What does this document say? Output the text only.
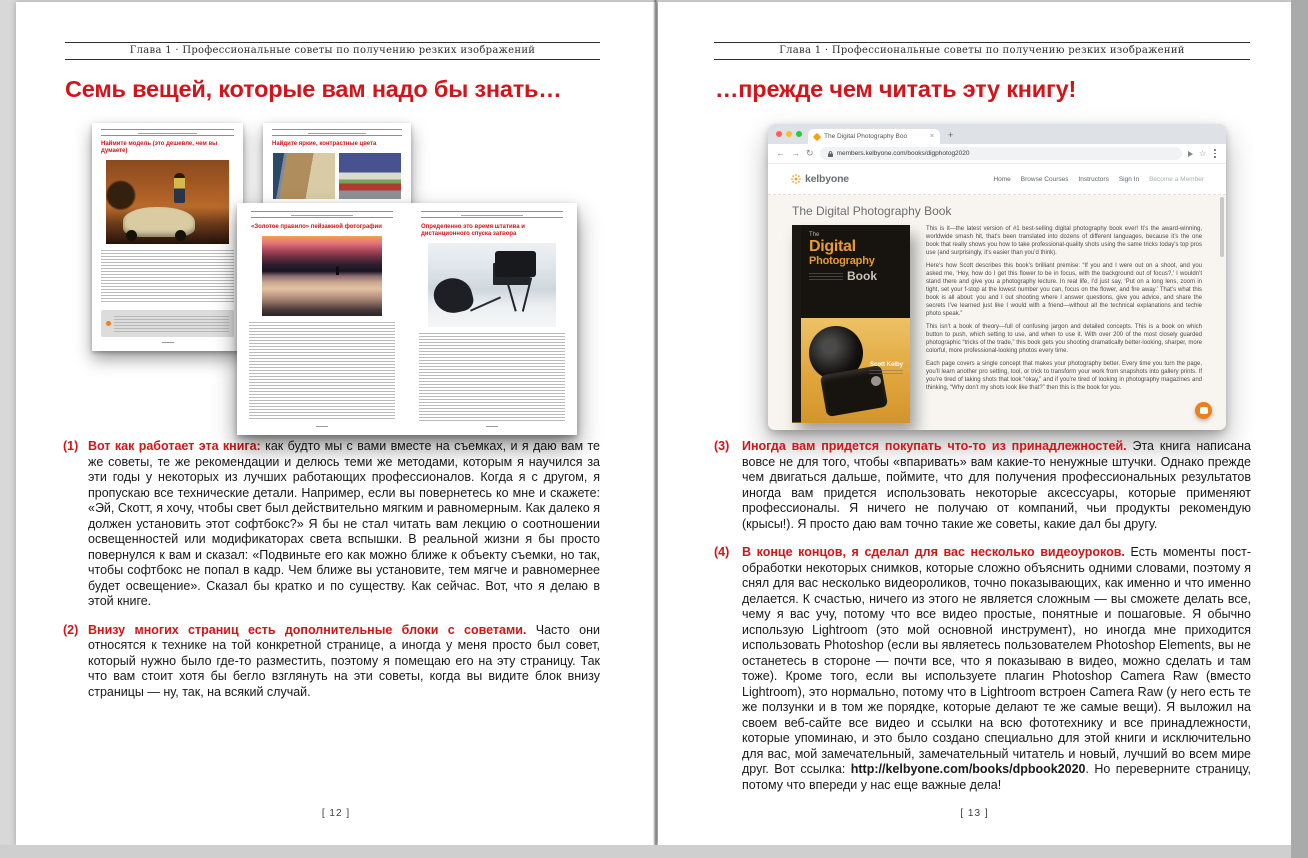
Глава 1 · Профессиональные советы по получению резких изображений
Семь вещей, которые вам надо бы знать…
Наймите модель (это дешевле, чем вы думаете)
Найдите яркие, контрастные цвета
«Золотое правило» пейзажной фотографии	Определенно это время штатива и дистанционного спуска затвора
(1) Вот как работает эта книга: как будто мы с вами вместе на съемках, и я даю вам те же советы, те же рекомендации и делюсь теми же методами, которым я научился за эти годы у некоторых из лучших работающих профессионалов. Когда я с другом, я пропускаю все технические детали. Например, если вы повернетесь ко мне и скажете: «Эй, Скотт, я хочу, чтобы свет был действительно мягким и равномерным. Как далеко я должен установить этот софтбокс?» Я бы не стал читать вам лекцию о соотношении освещенностей или модификаторах света вспышки. В реальной жизни я бы просто повернулся к вам и сказал: «Подвиньте его как можно ближе к объекту съемки, но так, чтобы софтбокс не попал в кадр. Чем ближе вы установите, тем мягче и равномернее будет освещение». Сказал бы кратко и по существу. Как сейчас. Вот, что я делаю в этой книге.
(2) Внизу многих страниц есть дополнительные блоки с советами. Часто они относятся к технике на той конкретной странице, а иногда у меня просто был совет, который нужно было где-то разместить, поэтому я помещаю его на эту страницу. Так что вам стоит хотя бы бегло взглянуть на эти советы, когда вы видите блок внизу страницы — ну, так, на всякий случай.
[ 12 ]
Глава 1 · Профессиональные советы по получению резких изображений
…прежде чем читать эту книгу!
The Digital Photography Boo	× +
← → ↻	members.kelbyone.com/books/digphotog2020	☆
kelbyone	Home Browse Courses Instructors Sign In Become a Member
The Digital Photography Book
The
Digital
Photography
Book
Scott Kelby

This is it—the latest version of #1 best-selling digital photography book ever! It’s the award-winning, worldwide smash hit, that’s been translated into dozens of different languages, because it’s the one book that really shows you how to take professional-quality shots using the same tricks today’s top pros use (and surprisingly, it’s easier than you’d think).

Here’s how Scott describes this book’s brilliant premise: “If you and I were out on a shoot, and you asked me, ‘Hey, how do I get this flower to be in focus, with the background out of focus?,’ I wouldn’t stand there and give you a photography lecture. In real life, I’d just say, ‘Put on a long lens, zoom in tight, set your f-stop at the lowest number you can, focus on the flower, and fire away.’ That’s what this book is all about: you and I out shooting where I answer questions, give you advice, and share the secrets I’ve learned just like I would with a friend—without all the technical explanations and techie photo speak.”

This isn’t a book of theory—full of confusing jargon and detailed concepts. This is a book on which button to push, which setting to use, and when to use it. With over 200 of the most closely guarded photographic “tricks of the trade,” this book gets you shooting dramatically better-looking, sharper, more colorful, more professional-looking photos every time.

Each page covers a single concept that makes your photography better. Every time you turn the page, you’ll learn another pro setting, tool, or trick to transform your work from snapshots into gallery prints. If you’re tired of taking shots that look “okay,” and if you’re tired of looking in photography magazines and thinking, “Why don’t my shots look like that?” then this is the book for you.

(3)	Иногда вам придется покупать что-то из принадлежностей. Эта книга написана вовсе не для того, чтобы «впаривать» вам какие-то ненужные штучки. Однако прежде чем двигаться дальше, поймите, что для получения профессиональных результатов иногда вам придется использовать некоторые аксессуары, которые применяют профессионалы. Я ничего не получаю от компаний, чьи продукты рекомендую (крысы!). Я просто даю вам точно такие же советы, какие дал бы другу.
(4)	В конце концов, я сделал для вас несколько видеоуроков. Есть моменты пост-обработки некоторых снимков, которые сложно объяснить одними словами, поэтому я снял для вас несколько видеороликов, точно показывающих, как именно и что именно делается. К счастью, ничего из этого не является сложным — вы сможете делать все, чему я вас учу, потому что все видео простые, понятные и пошаговые. Я обычно использую Lightroom (это мой основной инструмент), но иногда мне приходится использовать Photoshop (если вы являетесь пользователем Photoshop Elements, вы не останетесь в стороне — почти все, что я показываю в видео, можно сделать и там тоже). Кроме того, если вы используете плагин Photoshop Camera Raw (вместо Lightroom), это нормально, потому что в Lightroom встроен Camera Raw (у него есть те же ползунки и в том же порядке, которые делают те же самые вещи). Я выложил на своем веб-сайте все видео и ссылки на всю фототехнику и все принадлежности, которые упоминаю, и это было создано специально для этой книги и исключительно для вас, мой замечательный, замечательный читатель и новый, лучший во всем мире друг. Вот ссылка: http://kelbyone.com/books/dpbook2020. Но переверните страницу, потому что впереди у нас еще важные дела!
[ 13 ]
